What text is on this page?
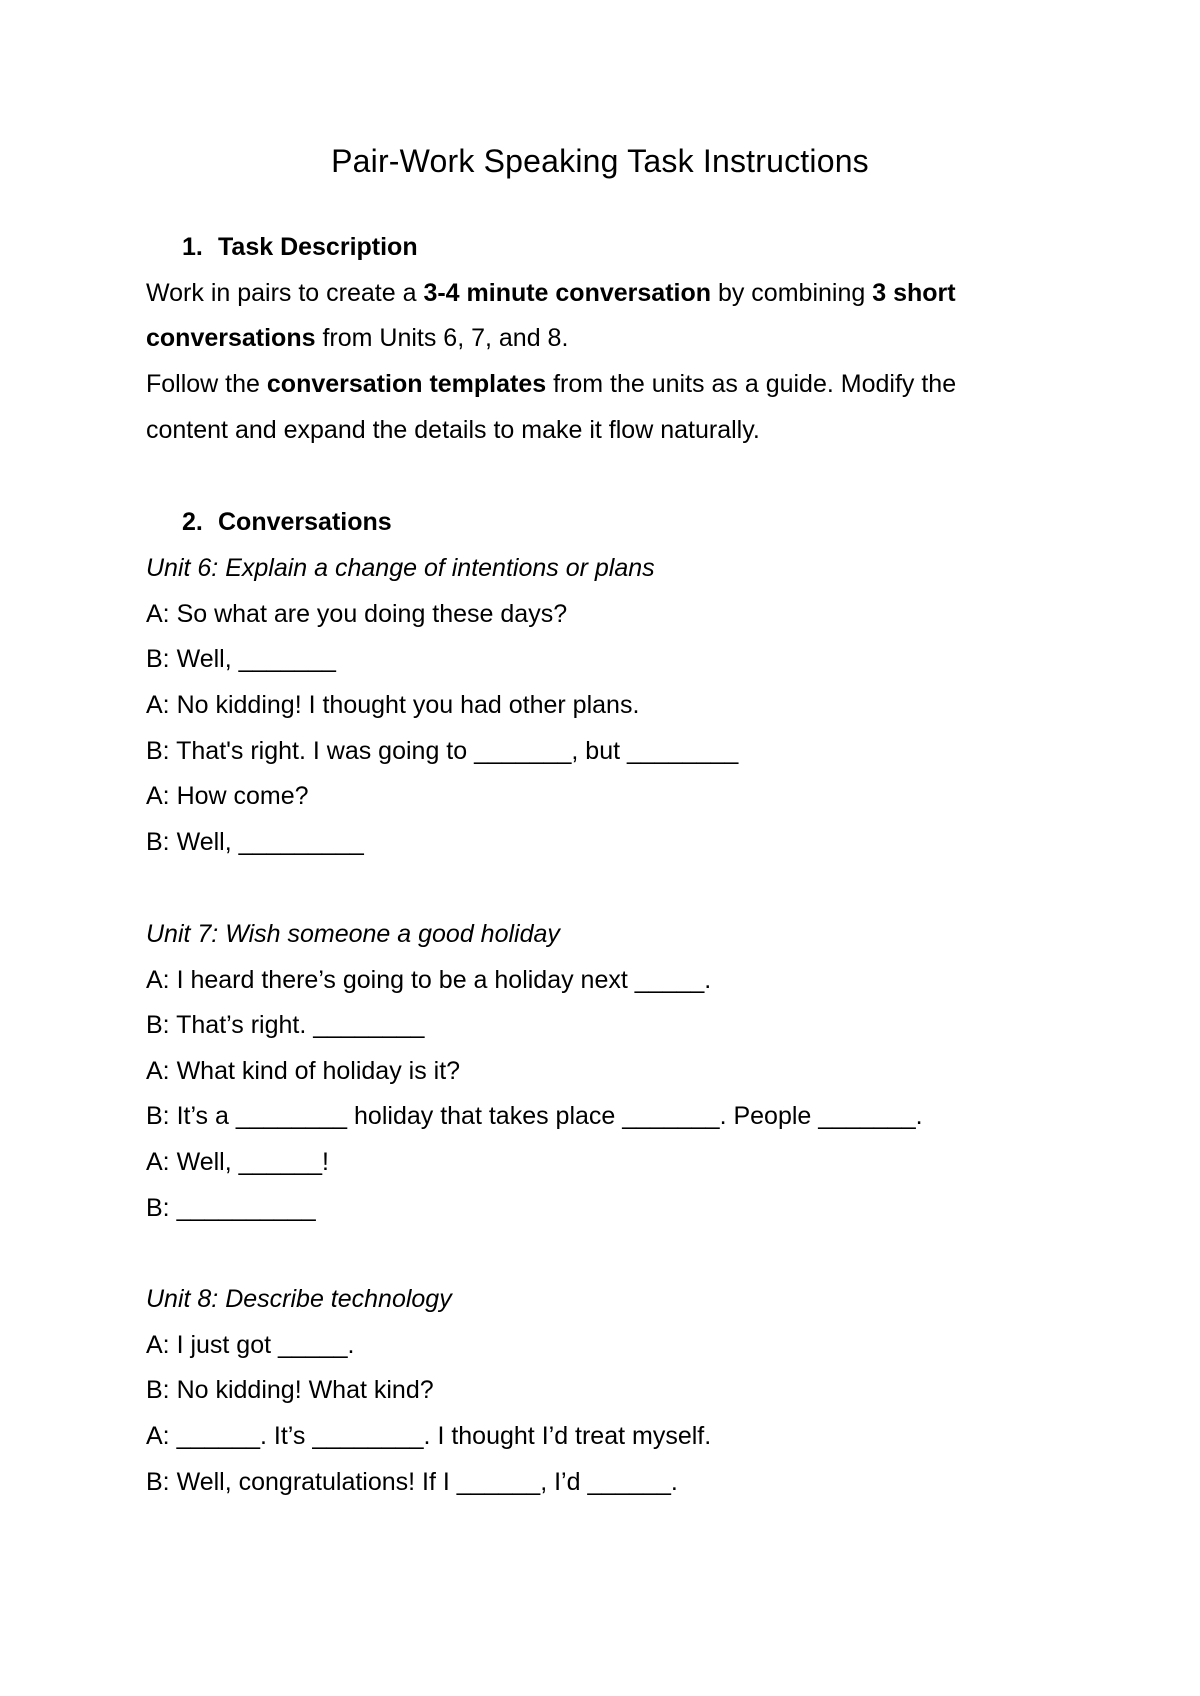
Pair-Work Speaking Task Instructions
1. Task Description

Work in pairs to create a 3-4 minute conversation by combining 3 short

conversations from Units 6, 7, and 8.

Follow the conversation templates from the units as a guide. Modify the

content and expand the details to make it flow naturally.

2. Conversations

Unit 6: Explain a change of intentions or plans

A: So what are you doing these days?

B: Well, _______

A: No kidding! I thought you had other plans.

B: That's right. I was going to _______, but ________

A: How come?

B: Well, _________

Unit 7: Wish someone a good holiday

A: I heard there’s going to be a holiday next _____.

B: That’s right. ________

A: What kind of holiday is it?

B: It’s a ________ holiday that takes place _______. People _______.

A: Well, ______!

B: __________

Unit 8: Describe technology

A: I just got _____.

B: No kidding! What kind?

A: ______. It’s ________. I thought I’d treat myself.

B: Well, congratulations! If I ______, I’d ______.
